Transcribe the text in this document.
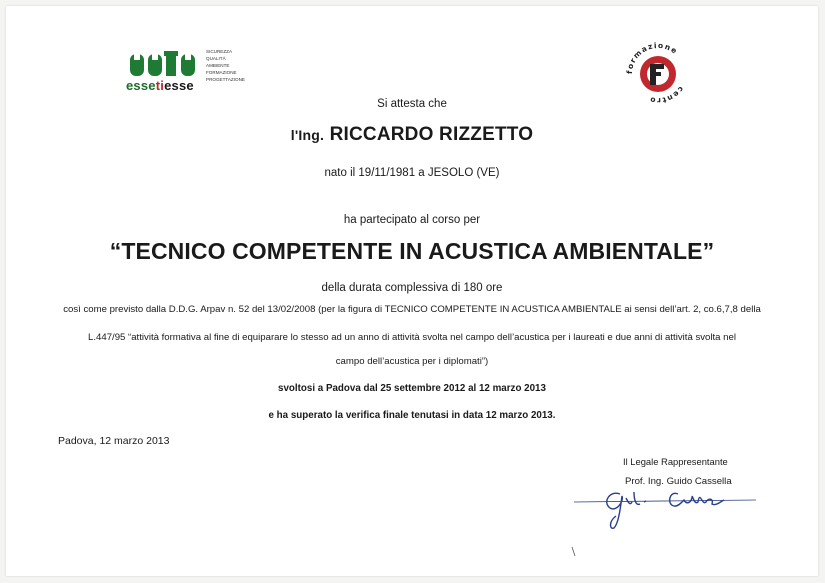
essetiesse
SICUREZZA
QUALITÀ
AMBIENTE
FORMAZIONE
PROGETTAZIONE
formazione
centro
Si attesta che
l'Ing. RICCARDO RIZZETTO
nato il 19/11/1981 a JESOLO (VE)
ha partecipato al corso per
“TECNICO COMPETENTE IN ACUSTICA AMBIENTALE”
della durata complessiva di 180 ore
così come previsto dalla D.D.G. Arpav n. 52 del 13/02/2008 (per la figura di TECNICO COMPETENTE IN ACUSTICA AMBIENTALE ai sensi dell’art. 2, co.6,7,8 della
L.447/95 “attività formativa al fine di equiparare lo stesso ad un anno di attività svolta nel campo dell’acustica per i laureati e due anni di attività svolta nel
campo dell’acustica per i diplomati”)
svoltosi a Padova dal 25 settembre 2012 al 12 marzo 2013
e ha superato la verifica finale tenutasi in data 12 marzo 2013.
Padova, 12 marzo 2013
Il Legale Rappresentante
Prof. Ing. Guido Cassella
